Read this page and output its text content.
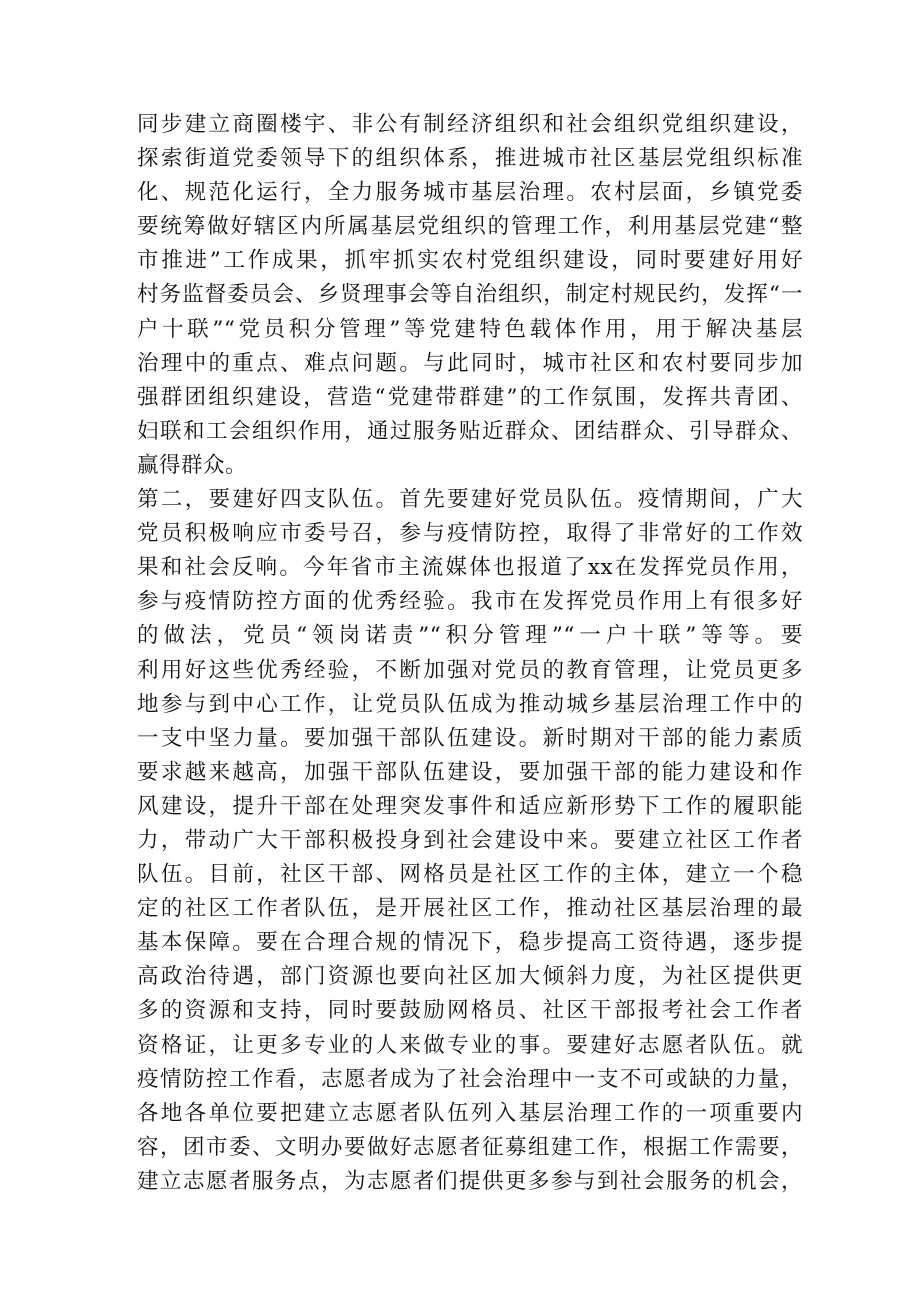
同步建立商圈楼宇、非公有制经济组织和社会组织党组织建设，
探索街道党委领导下的组织体系，推进城市社区基层党组织标准
化、规范化运行，全力服务城市基层治理。农村层面，乡镇党委
要统筹做好辖区内所属基层党组织的管理工作，利用基层党建“整
市推进”工作成果，抓牢抓实农村党组织建设，同时要建好用好
村务监督委员会、乡贤理事会等自治组织，制定村规民约，发挥“一
户十联”“党员积分管理”等党建特色载体作用，用于解决基层
治理中的重点、难点问题。与此同时，城市社区和农村要同步加
强群团组织建设，营造“党建带群建”的工作氛围，发挥共青团、
妇联和工会组织作用，通过服务贴近群众、团结群众、引导群众、
赢得群众。
第二，要建好四支队伍。首先要建好党员队伍。疫情期间，广大
党员积极响应市委号召，参与疫情防控，取得了非常好的工作效
果和社会反响。今年省市主流媒体也报道了xx在发挥党员作用，
参与疫情防控方面的优秀经验。我市在发挥党员作用上有很多好
的做法，党员“领岗诺责”“积分管理”“一户十联”等等。要
利用好这些优秀经验，不断加强对党员的教育管理，让党员更多
地参与到中心工作，让党员队伍成为推动城乡基层治理工作中的
一支中坚力量。要加强干部队伍建设。新时期对干部的能力素质
要求越来越高，加强干部队伍建设，要加强干部的能力建设和作
风建设，提升干部在处理突发事件和适应新形势下工作的履职能
力，带动广大干部积极投身到社会建设中来。要建立社区工作者
队伍。目前，社区干部、网格员是社区工作的主体，建立一个稳
定的社区工作者队伍，是开展社区工作，推动社区基层治理的最
基本保障。要在合理合规的情况下，稳步提高工资待遇，逐步提
高政治待遇，部门资源也要向社区加大倾斜力度，为社区提供更
多的资源和支持，同时要鼓励网格员、社区干部报考社会工作者
资格证，让更多专业的人来做专业的事。要建好志愿者队伍。就
疫情防控工作看，志愿者成为了社会治理中一支不可或缺的力量，
各地各单位要把建立志愿者队伍列入基层治理工作的一项重要内
容，团市委、文明办要做好志愿者征募组建工作，根据工作需要，
建立志愿者服务点，为志愿者们提供更多参与到社会服务的机会，
